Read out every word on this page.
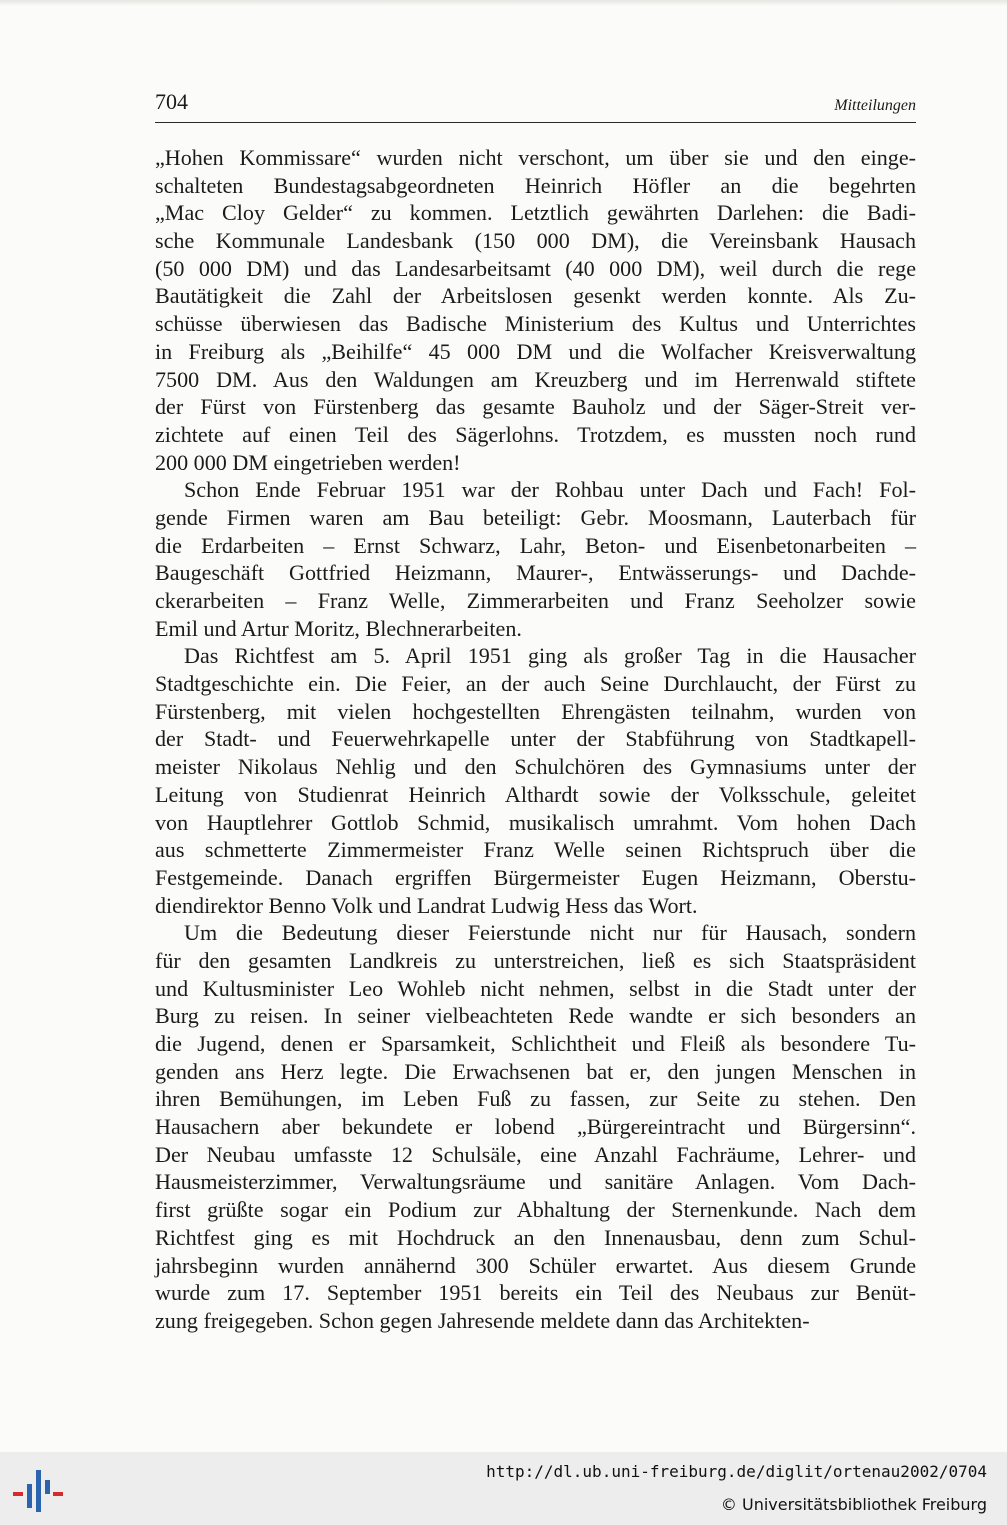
704	Mitteilungen
„Hohen Kommissare“ wurden nicht verschont, um über sie und den einge-
schalteten Bundestagsabgeordneten Heinrich Höfler an die begehrten
„Mac Cloy Gelder“ zu kommen. Letztlich gewährten Darlehen: die Badi-
sche Kommunale Landesbank (150 000 DM), die Vereinsbank Hausach
(50 000 DM) und das Landesarbeitsamt (40 000 DM), weil durch die rege
Bautätigkeit die Zahl der Arbeitslosen gesenkt werden konnte. Als Zu-
schüsse überwiesen das Badische Ministerium des Kultus und Unterrichtes
in Freiburg als „Beihilfe“ 45 000 DM und die Wolfacher Kreisverwaltung
7500 DM. Aus den Waldungen am Kreuzberg und im Herrenwald stiftete
der Fürst von Fürstenberg das gesamte Bauholz und der Säger-Streit ver-
zichtete auf einen Teil des Sägerlohns. Trotzdem, es mussten noch rund
200 000 DM eingetrieben werden!
Schon Ende Februar 1951 war der Rohbau unter Dach und Fach! Fol-
gende Firmen waren am Bau beteiligt: Gebr. Moosmann, Lauterbach für
die Erdarbeiten – Ernst Schwarz, Lahr, Beton- und Eisenbetonarbeiten –
Baugeschäft Gottfried Heizmann, Maurer-, Entwässerungs- und Dachde-
ckerarbeiten – Franz Welle, Zimmerarbeiten und Franz Seeholzer sowie
Emil und Artur Moritz, Blechnerarbeiten.
Das Richtfest am 5. April 1951 ging als großer Tag in die Hausacher
Stadtgeschichte ein. Die Feier, an der auch Seine Durchlaucht, der Fürst zu
Fürstenberg, mit vielen hochgestellten Ehrengästen teilnahm, wurden von
der Stadt- und Feuerwehrkapelle unter der Stabführung von Stadtkapell-
meister Nikolaus Nehlig und den Schulchören des Gymnasiums unter der
Leitung von Studienrat Heinrich Althardt sowie der Volksschule, geleitet
von Hauptlehrer Gottlob Schmid, musikalisch umrahmt. Vom hohen Dach
aus schmetterte Zimmermeister Franz Welle seinen Richtspruch über die
Festgemeinde. Danach ergriffen Bürgermeister Eugen Heizmann, Oberstu-
diendirektor Benno Volk und Landrat Ludwig Hess das Wort.
Um die Bedeutung dieser Feierstunde nicht nur für Hausach, sondern
für den gesamten Landkreis zu unterstreichen, ließ es sich Staatspräsident
und Kultusminister Leo Wohleb nicht nehmen, selbst in die Stadt unter der
Burg zu reisen. In seiner vielbeachteten Rede wandte er sich besonders an
die Jugend, denen er Sparsamkeit, Schlichtheit und Fleiß als besondere Tu-
genden ans Herz legte. Die Erwachsenen bat er, den jungen Menschen in
ihren Bemühungen, im Leben Fuß zu fassen, zur Seite zu stehen. Den
Hausachern aber bekundete er lobend „Bürgereintracht und Bürgersinn“.
Der Neubau umfasste 12 Schulsäle, eine Anzahl Fachräume, Lehrer- und
Hausmeisterzimmer, Verwaltungsräume und sanitäre Anlagen. Vom Dach-
first grüßte sogar ein Podium zur Abhaltung der Sternenkunde. Nach dem
Richtfest ging es mit Hochdruck an den Innenausbau, denn zum Schul-
jahrsbeginn wurden annähernd 300 Schüler erwartet. Aus diesem Grunde
wurde zum 17. September 1951 bereits ein Teil des Neubaus zur Benüt-
zung freigegeben. Schon gegen Jahresende meldete dann das Architekten-
http://dl.ub.uni-freiburg.de/diglit/ortenau2002/0704
© Universitätsbibliothek Freiburg
